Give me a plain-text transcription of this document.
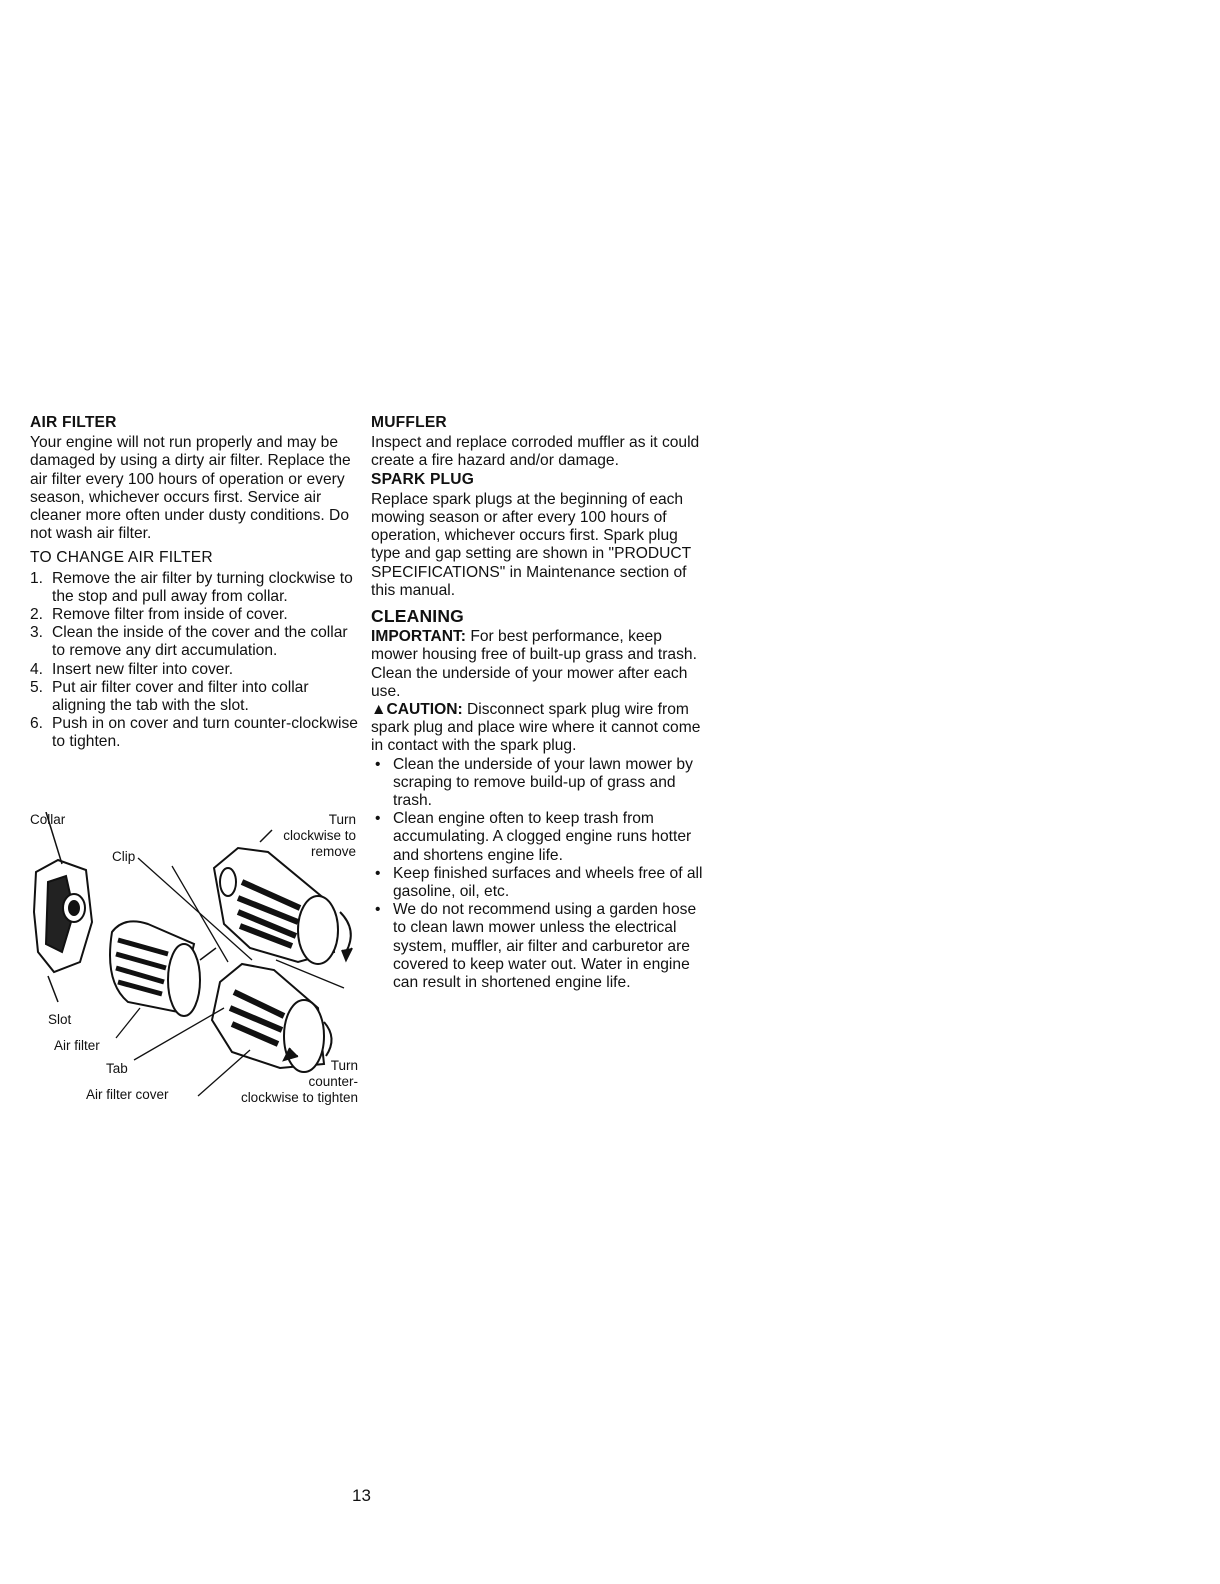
AIR FILTER

Your engine will not run properly and may be damaged by using a dirty air filter. Replace the air filter every 100 hours of operation or every season, whichever occurs first. Service air cleaner more often under dusty conditions. Do not wash air filter.

TO CHANGE AIR FILTER
1. Remove the air filter by turning clockwise to the stop and pull away from collar.
2. Remove filter from inside of cover.
3. Clean the inside of the cover and the collar to remove any dirt accumulation.
4. Insert new filter into cover.
5. Put air filter cover and filter into collar aligning the tab with the slot.
6. Push in on cover and turn counter-clockwise to tighten.
Collar	Turn
clockwise to
remove
Clip
Slot
Air filter
Tab
Air filter cover
Turn
counter-
clockwise to tighten
MUFFLER

Inspect and replace corroded muffler as it could create a fire hazard and/or damage.

SPARK PLUG

Replace spark plugs at the beginning of each mowing season or after every 100 hours of operation, whichever occurs first. Spark plug type and gap setting are shown in "PRODUCT SPECIFICATIONS" in Maintenance section of this manual.

CLEANING

IMPORTANT: For best performance, keep mower housing free of built-up grass and trash. Clean the underside of your mower after each use.

▲CAUTION: Disconnect spark plug wire from spark plug and place wire where it cannot come in contact with the spark plug.

• Clean the underside of your lawn mower by scraping to remove build-up of grass and trash.
• Clean engine often to keep trash from accumulating. A clogged engine runs hotter and shortens engine life.
• Keep finished surfaces and wheels free of all gasoline, oil, etc.
• We do not recommend using a garden hose to clean lawn mower unless the electrical system, muffler, air filter and carburetor are covered to keep water out. Water in engine can result in shortened engine life.
13
